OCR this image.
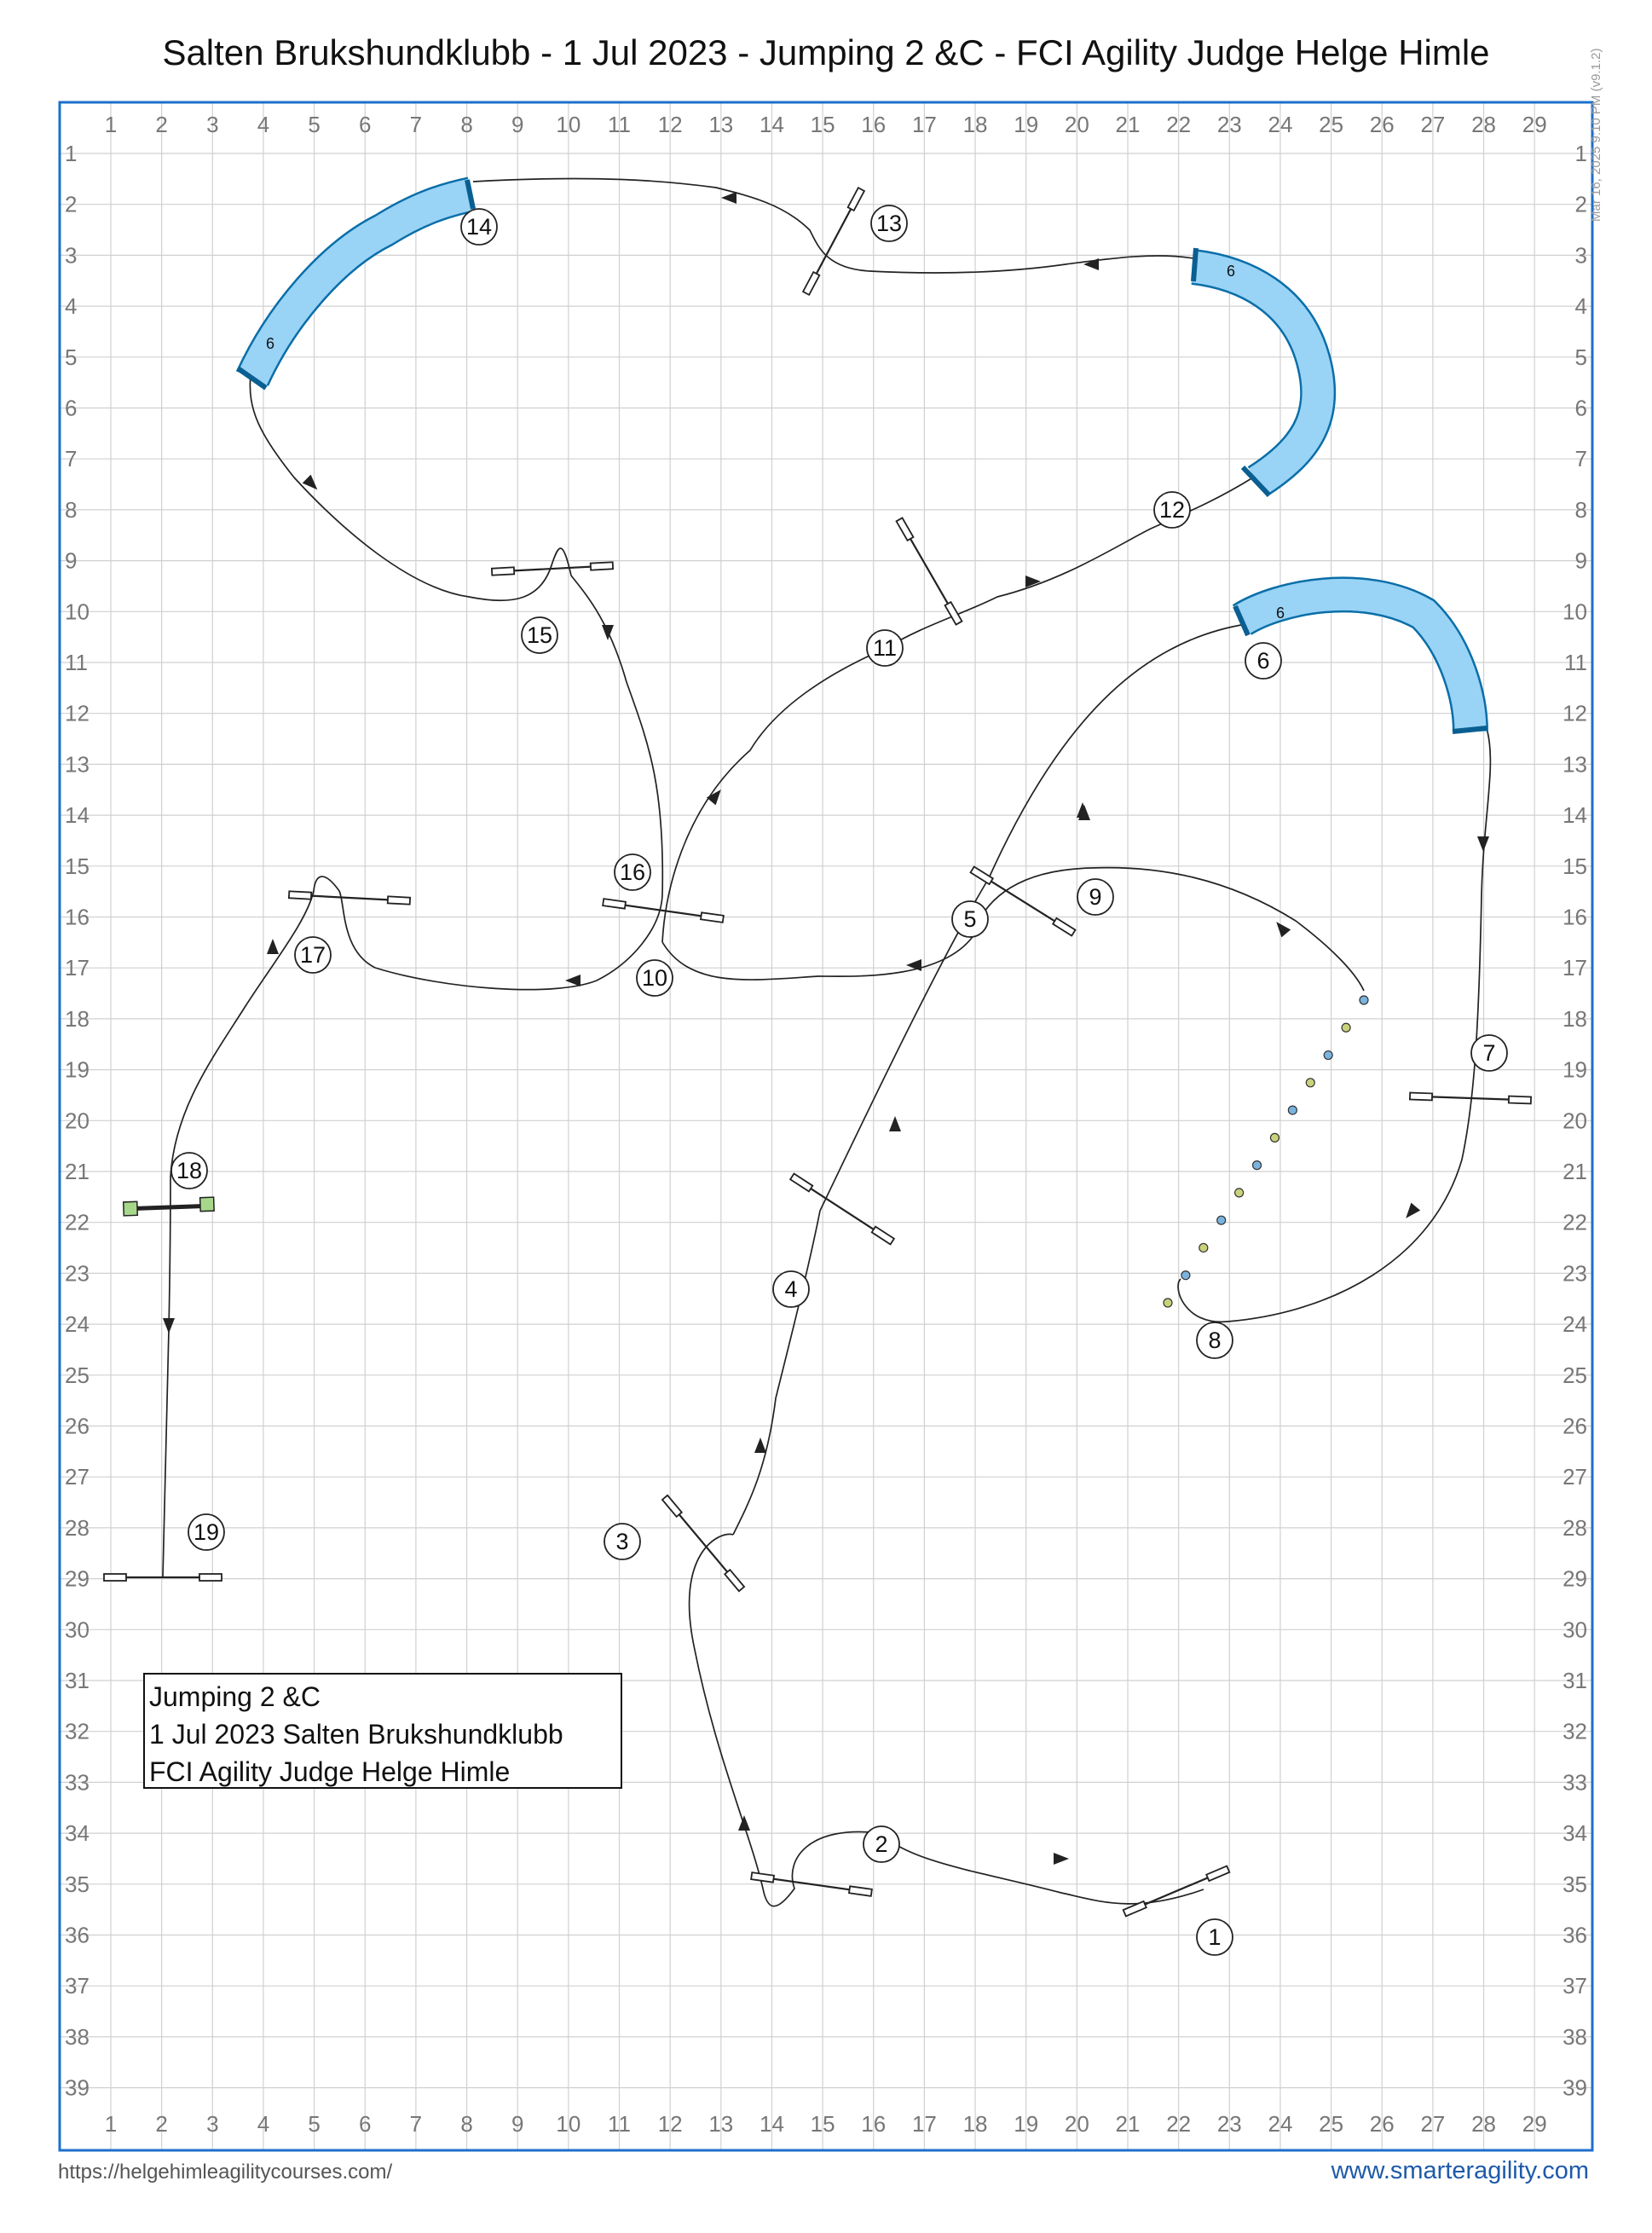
Salten Brukshundklubb - 1 Jul 2023 - Jumping 2 &C - FCI Agility Judge Helge Himle
1
1
2
2
3
3
4
4
5
5
6
6
7
7
8
8
9
9
10
10
11
11
12
12
13
13
14
14
15
15
16
16
17
17
18
18
19
19
20
20
21
21
22
22
23
23
24
24
25
25
26
26
27
27
28
28
29
29
1	1
2	2
3	3
4	4
5	5
6	6
7	7
8	8
9	9
10	10
11	11
12	12
13	13
14	14
15	15
16	16
17	17
18	18
19	19
20	20
21	21
22	22
23	23
24	24
25	25
26	26
27	27
28	28
29	29
30	30
31	31
32	32
33	33
34	34
35	35
36	36
37	37
38	38
39	39
6
6
6
1
2
3
4
5
6
7
8
9
10
11
12
13
14
15
16
17
18
19
Mar 16, 2025 9:10 PM (v9.1.2)
Jumping 2 &C
1 Jul 2023 Salten Brukshundklubb
FCI Agility Judge Helge Himle
https://helgehimleagilitycourses.com/	www.smarteragility.com
